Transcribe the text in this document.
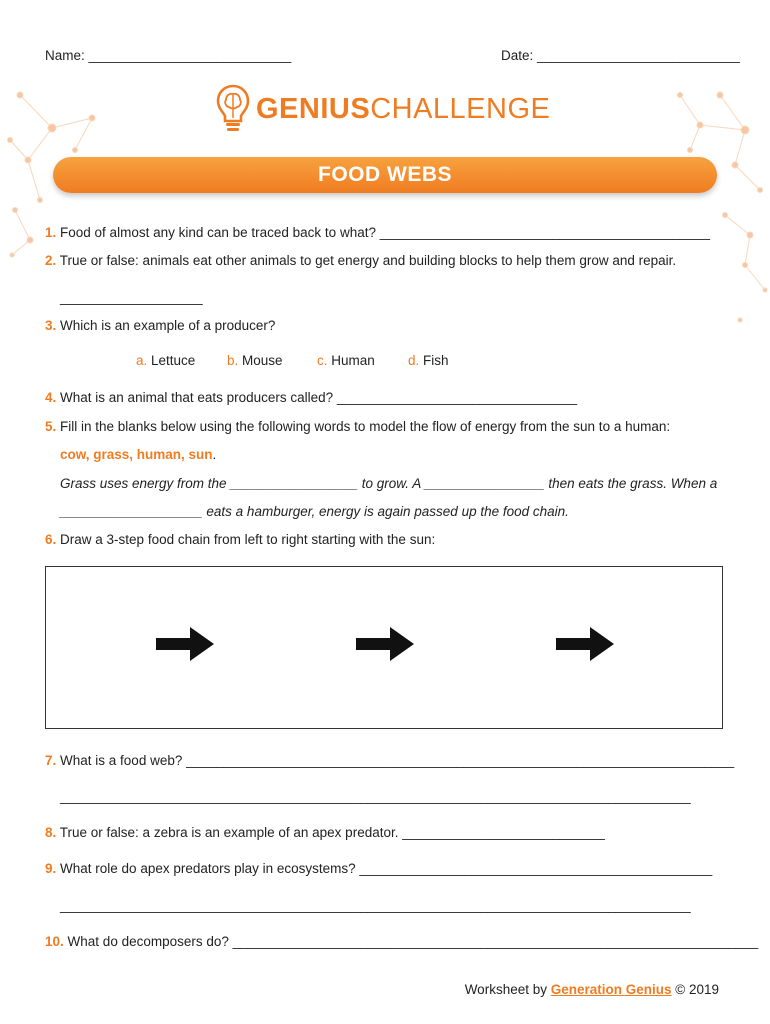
Name: ___________________________	Date: ___________________________
GENIUSCHALLENGE
FOOD WEBS
1. Food of almost any kind can be traced back to what? ____________________________________________
2. True or false: animals eat other animals to get energy and building blocks to help them grow and repair.
___________________
3. Which is an example of a producer?
a. Lettuce b. Mouse	c. Human d. Fish
4. What is an animal that eats producers called? ________________________________
5. Fill in the blanks below using the following words to model the flow of energy from the sun to a human:
cow, grass, human, sun.
Grass uses energy from the _________________ to grow. A ________________ then eats the grass. When a
___________________ eats a hamburger, energy is again passed up the food chain.
6. Draw a 3-step food chain from left to right starting with the sun:
7. What is a food web? _________________________________________________________________________
____________________________________________________________________________________
8. True or false: a zebra is an example of an apex predator. ___________________________
9. What role do apex predators play in ecosystems? _______________________________________________
____________________________________________________________________________________
10. What do decomposers do? ______________________________________________________________________
Worksheet by Generation Genius © 2019
